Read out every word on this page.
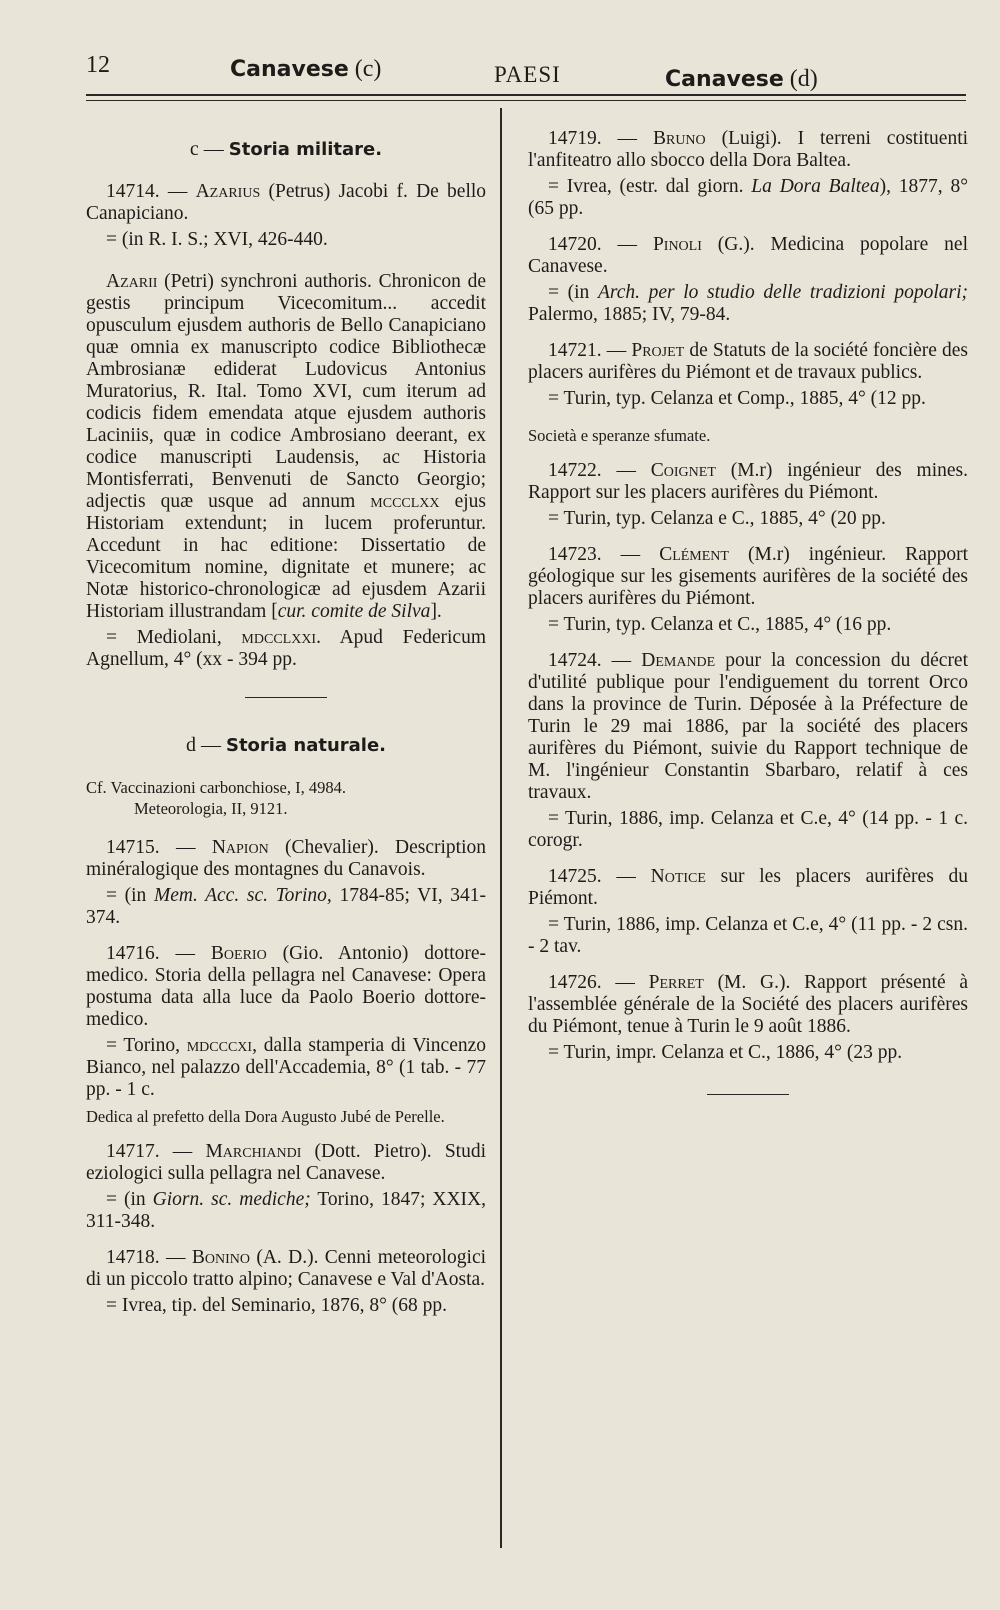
12	Canavese (c)	PAESI	Canavese (d)
c — Storia militare.

14714. — Azarius (Petrus) Jacobi f. De bello Canapiciano.

= (in R. I. S.; XVI, 426-440.

Azarii (Petri) synchroni authoris. Chronicon de gestis principum Vicecomitum... accedit opusculum ejusdem authoris de Bello Canapiciano quæ omnia ex manuscripto codice Bibliothecæ Ambrosianæ ediderat Ludovicus Antonius Muratorius, R. Ital. Tomo XVI, cum iterum ad codicis fidem emendata atque ejusdem authoris Laciniis, quæ in codice Ambrosiano deerant, ex codice manuscripti Laudensis, ac Historia Montisferrati, Benvenuti de Sancto Georgio; adjectis quæ usque ad annum mccclxx ejus Historiam extendunt; in lucem proferuntur. Accedunt in hac editione: Dissertatio de Vicecomitum nomine, dignitate et munere; ac Notæ historico-chronologicæ ad ejusdem Azarii Historiam illustrandam [cur. comite de Silva].

= Mediolani, mdcclxxi. Apud Federicum Agnellum, 4° (xx - 394 pp.

d — Storia naturale.

Cf. Vaccinazioni carbonchiose, I, 4984.
Meteorologia, II, 9121.

14715. — Napion (Chevalier). Description minéralogique des montagnes du Canavois.

= (in Mem. Acc. sc. Torino, 1784-85; VI, 341-374.

14716. — Boerio (Gio. Antonio) dottore-medico. Storia della pellagra nel Canavese: Opera postuma data alla luce da Paolo Boerio dottore-medico.

= Torino, mdcccxi, dalla stamperia di Vincenzo Bianco, nel palazzo dell'Accademia, 8° (1 tab. - 77 pp. - 1 c.

Dedica al prefetto della Dora Augusto Jubé de Perelle.

14717. — Marchiandi (Dott. Pietro). Studi eziologici sulla pellagra nel Canavese.

= (in Giorn. sc. mediche; Torino, 1847; XXIX, 311-348.

14718. — Bonino (A. D.). Cenni meteorologici di un piccolo tratto alpino; Canavese e Val d'Aosta.

= Ivrea, tip. del Seminario, 1876, 8° (68 pp.

14719. — Bruno (Luigi). I terreni costituenti l'anfiteatro allo sbocco della Dora Baltea.

= Ivrea, (estr. dal giorn. La Dora Baltea), 1877, 8° (65 pp.

14720. — Pinoli (G.). Medicina popolare nel Canavese.

= (in Arch. per lo studio delle tradizioni popolari; Palermo, 1885; IV, 79-84.

14721. — Projet de Statuts de la société foncière des placers aurifères du Piémont et de travaux publics.

= Turin, typ. Celanza et Comp., 1885, 4° (12 pp.

Società e speranze sfumate.

14722. — Coignet (M.r) ingénieur des mines. Rapport sur les placers aurifères du Piémont.

= Turin, typ. Celanza e C., 1885, 4° (20 pp.

14723. — Clément (M.r) ingénieur. Rapport géologique sur les gisements aurifères de la société des placers aurifères du Piémont.

= Turin, typ. Celanza et C., 1885, 4° (16 pp.

14724. — Demande pour la concession du décret d'utilité publique pour l'endiguement du torrent Orco dans la province de Turin. Déposée à la Préfecture de Turin le 29 mai 1886, par la société des placers aurifères du Piémont, suivie du Rapport technique de M. l'ingénieur Constantin Sbarbaro, relatif à ces travaux.

= Turin, 1886, imp. Celanza et C.e, 4° (14 pp. - 1 c. corogr.

14725. — Notice sur les placers aurifères du Piémont.

= Turin, 1886, imp. Celanza et C.e, 4° (11 pp. - 2 csn. - 2 tav.

14726. — Perret (M. G.). Rapport présenté à l'assemblée générale de la Société des placers aurifères du Piémont, tenue à Turin le 9 août 1886.

= Turin, impr. Celanza et C., 1886, 4° (23 pp.
